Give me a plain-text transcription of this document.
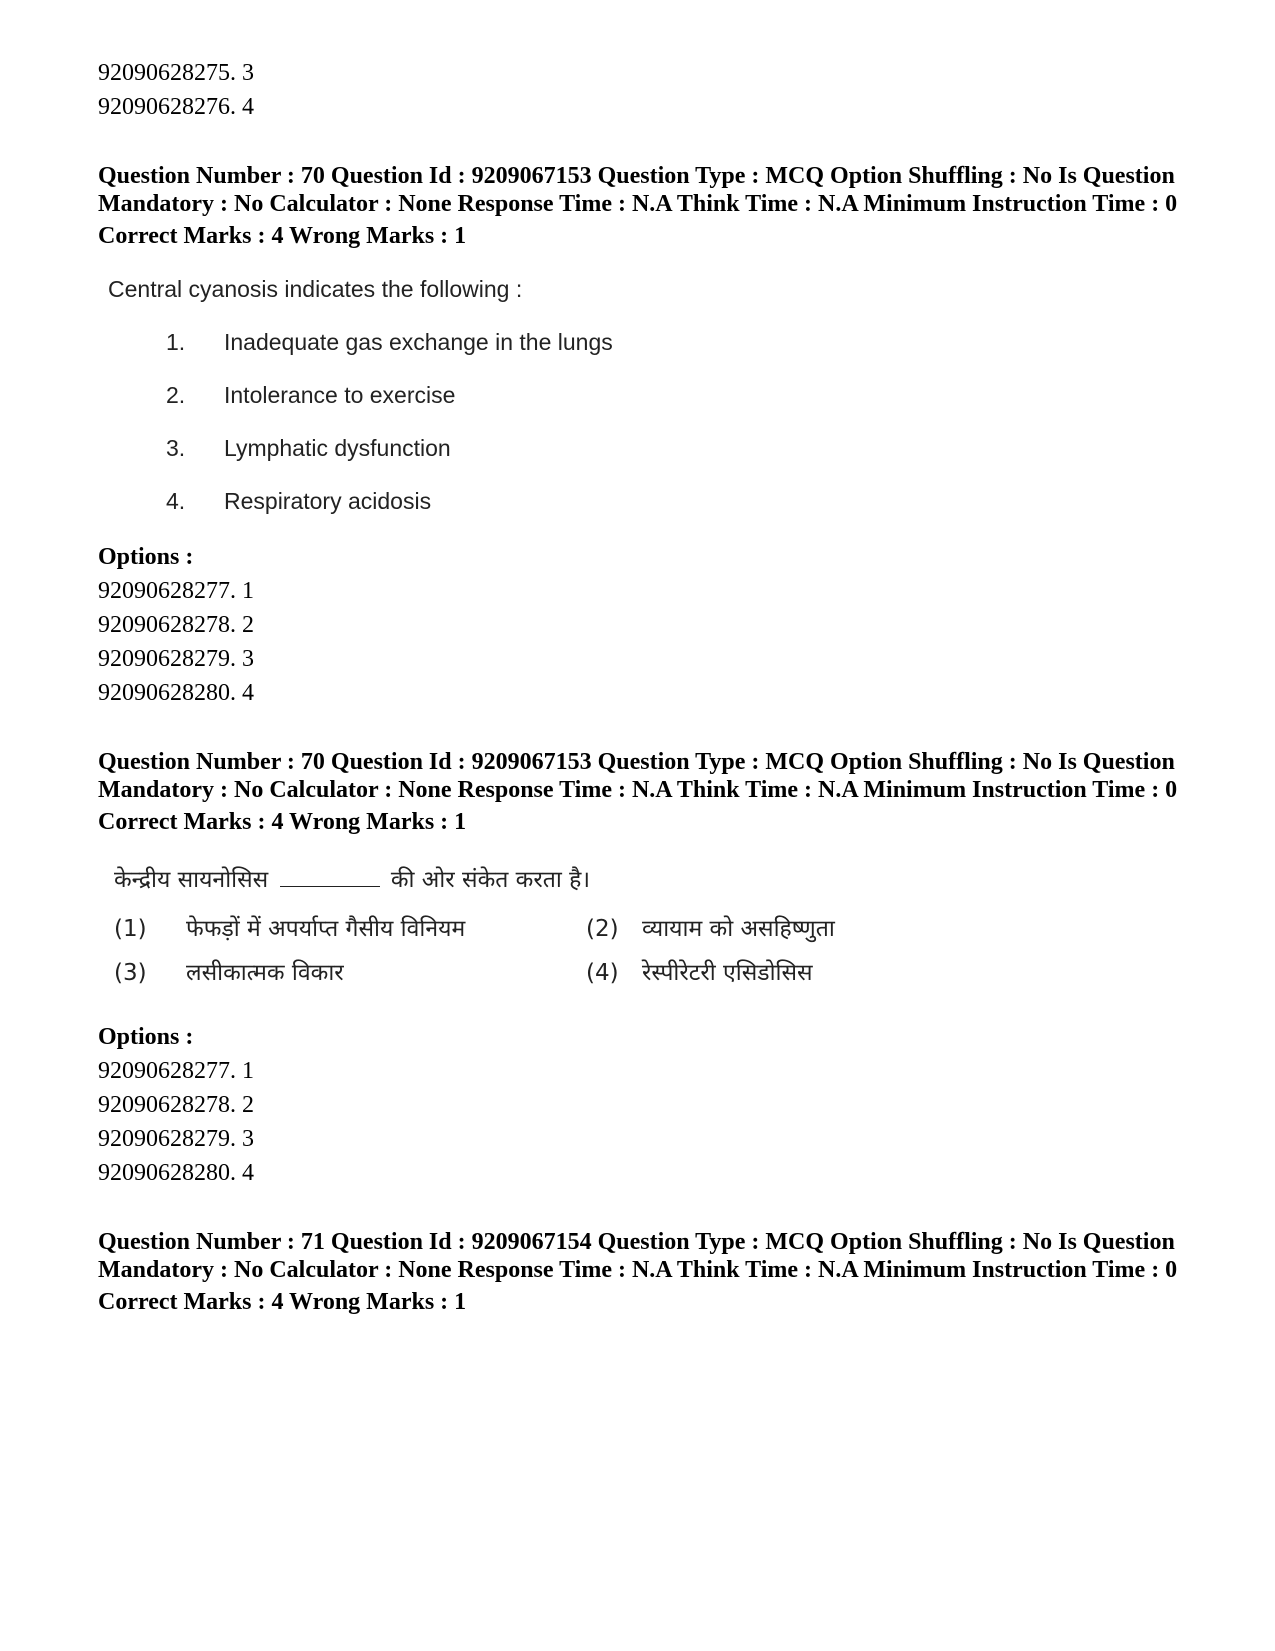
92090628275. 3
92090628276. 4
Question Number : 70 Question Id : 9209067153 Question Type : MCQ Option Shuffling : No Is Question Mandatory : No Calculator : None Response Time : N.A Think Time : N.A Minimum Instruction Time : 0
Correct Marks : 4 Wrong Marks : 1
Central cyanosis indicates the following :
1.	Inadequate gas exchange in the lungs
2.	Intolerance to exercise
3.	Lymphatic dysfunction
4.	Respiratory acidosis
Options :
92090628277. 1
92090628278. 2
92090628279. 3
92090628280. 4
Question Number : 70 Question Id : 9209067153 Question Type : MCQ Option Shuffling : No Is Question Mandatory : No Calculator : None Response Time : N.A Think Time : N.A Minimum Instruction Time : 0
Correct Marks : 4 Wrong Marks : 1
केन्द्रीय सायनोसिस	की ओर संकेत करता है।
(1)	फेफड़ों में अपर्याप्त गैसीय विनियम	(2)	व्यायाम को असहिष्णुता
(3)	लसीकात्मक विकार	(4)	रेस्पीरेटरी एसिडोसिस
Options :
92090628277. 1
92090628278. 2
92090628279. 3
92090628280. 4
Question Number : 71 Question Id : 9209067154 Question Type : MCQ Option Shuffling : No Is Question Mandatory : No Calculator : None Response Time : N.A Think Time : N.A Minimum Instruction Time : 0
Correct Marks : 4 Wrong Marks : 1
